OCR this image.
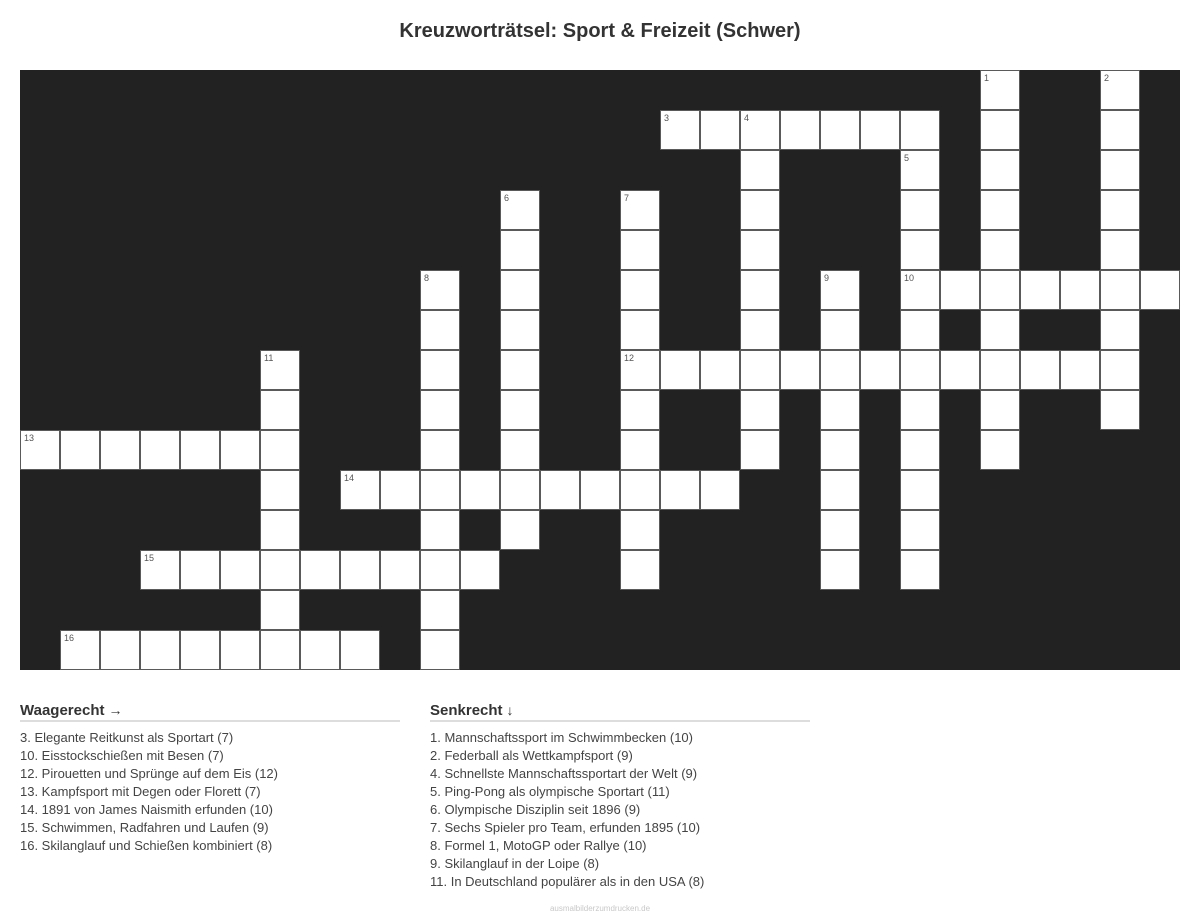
Kreuzworträtsel: Sport & Freizeit (Schwer)
3	4
10
12
13
14
15
16
1	2
5
6	7
8	9
11
Waagerecht →
3. Elegante Reitkunst als Sportart (7)
10. Eisstockschießen mit Besen (7)
12. Pirouetten und Sprünge auf dem Eis (12)
13. Kampfsport mit Degen oder Florett (7)
14. 1891 von James Naismith erfunden (10)
15. Schwimmen, Radfahren und Laufen (9)
16. Skilanglauf und Schießen kombiniert (8)
Senkrecht ↓
1. Mannschaftssport im Schwimmbecken (10)
2. Federball als Wettkampfsport (9)
4. Schnellste Mannschaftssportart der Welt (9)
5. Ping-Pong als olympische Sportart (11)
6. Olympische Disziplin seit 1896 (9)
7. Sechs Spieler pro Team, erfunden 1895 (10)
8. Formel 1, MotoGP oder Rallye (10)
9. Skilanglauf in der Loipe (8)
11. In Deutschland populärer als in den USA (8)
ausmalbilderzumdrucken.de
